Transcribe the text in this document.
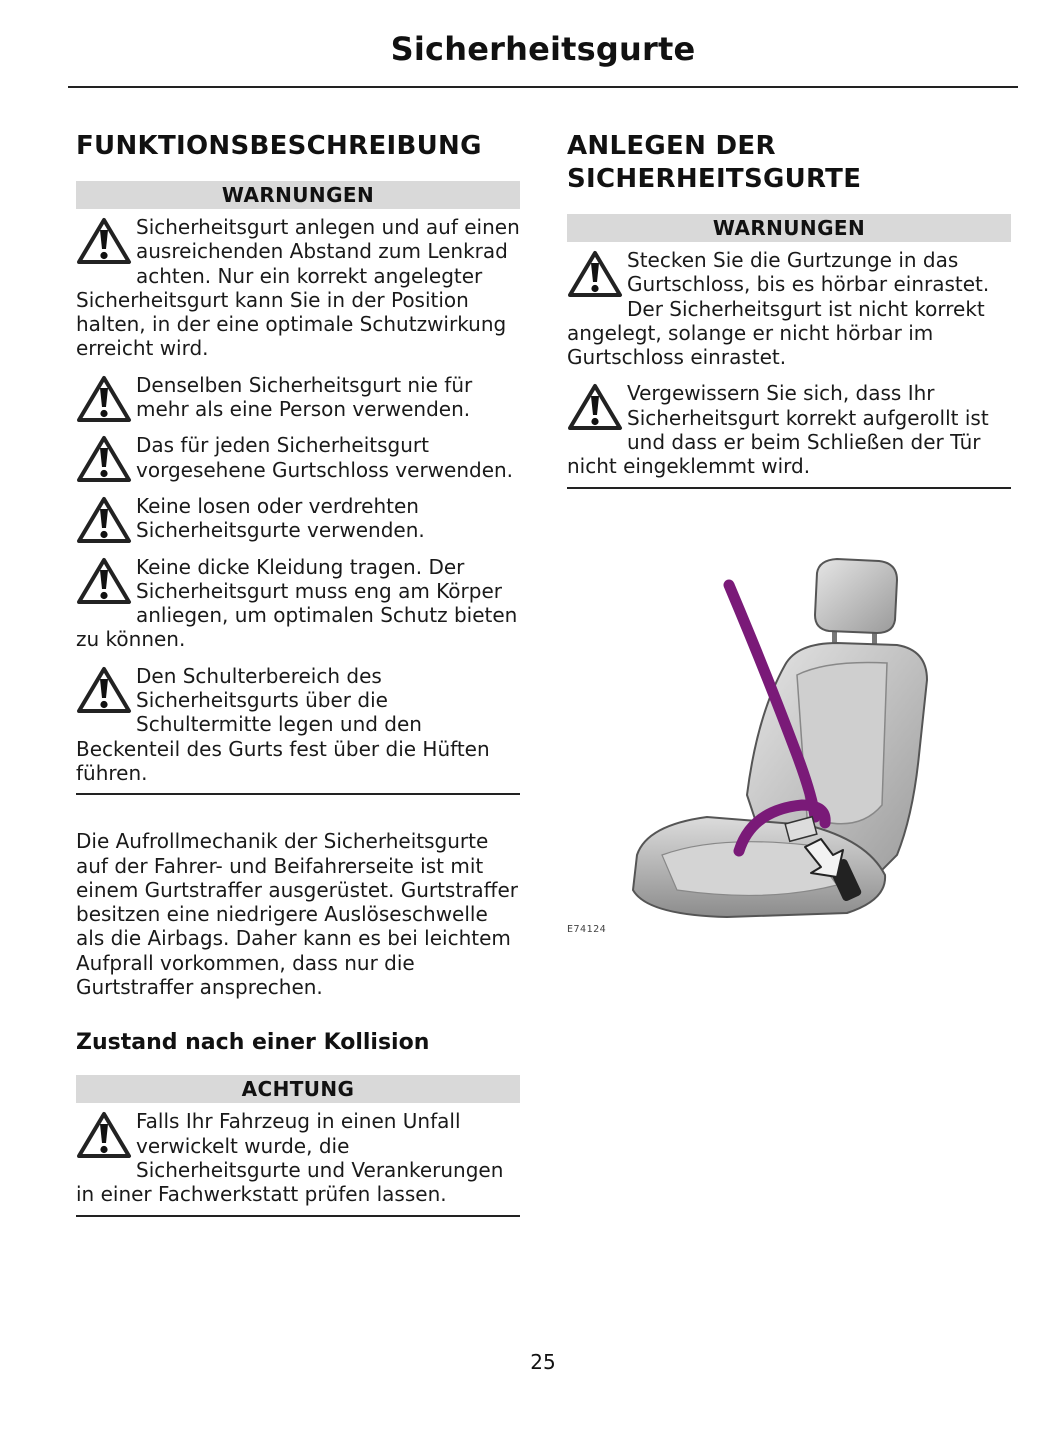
Sicherheitsgurte
FUNKTIONSBESCHREIBUNG
WARNUNGEN
Sicherheitsgurt anlegen und auf einen ausreichenden Abstand zum Lenkrad achten. Nur ein korrekt angelegter Sicherheitsgurt kann Sie in der Position halten, in der eine optimale Schutzwirkung erreicht wird.
Denselben Sicherheitsgurt nie für mehr als eine Person verwenden.
Das für jeden Sicherheitsgurt vorgesehene Gurtschloss verwenden.
Keine losen oder verdrehten Sicherheitsgurte verwenden.
Keine dicke Kleidung tragen. Der Sicherheitsgurt muss eng am Körper anliegen, um optimalen Schutz bieten zu können.
Den Schulterbereich des Sicherheitsgurts über die Schultermitte legen und den Beckenteil des Gurts fest über die Hüften führen.

Die Aufrollmechanik der Sicherheitsgurte auf der Fahrer- und Beifahrerseite ist mit einem Gurtstraffer ausgerüstet. Gurtstraffer besitzen eine niedrigere Auslöseschwelle als die Airbags. Daher kann es bei leichtem Aufprall vorkommen, dass nur die Gurtstraffer ansprechen.

Zustand nach einer Kollision
ACHTUNG
Falls Ihr Fahrzeug in einen Unfall verwickelt wurde, die Sicherheitsgurte und Verankerungen in einer Fachwerkstatt prüfen lassen.
ANLEGEN DER SICHERHEITSGURTE
WARNUNGEN
Stecken Sie die Gurtzunge in das Gurtschloss, bis es hörbar einrastet. Der Sicherheitsgurt ist nicht korrekt angelegt, solange er nicht hörbar im Gurtschloss einrastet.
Vergewissern Sie sich, dass Ihr Sicherheitsgurt korrekt aufgerollt ist und dass er beim Schließen der Tür nicht eingeklemmt wird.
E74124
25
